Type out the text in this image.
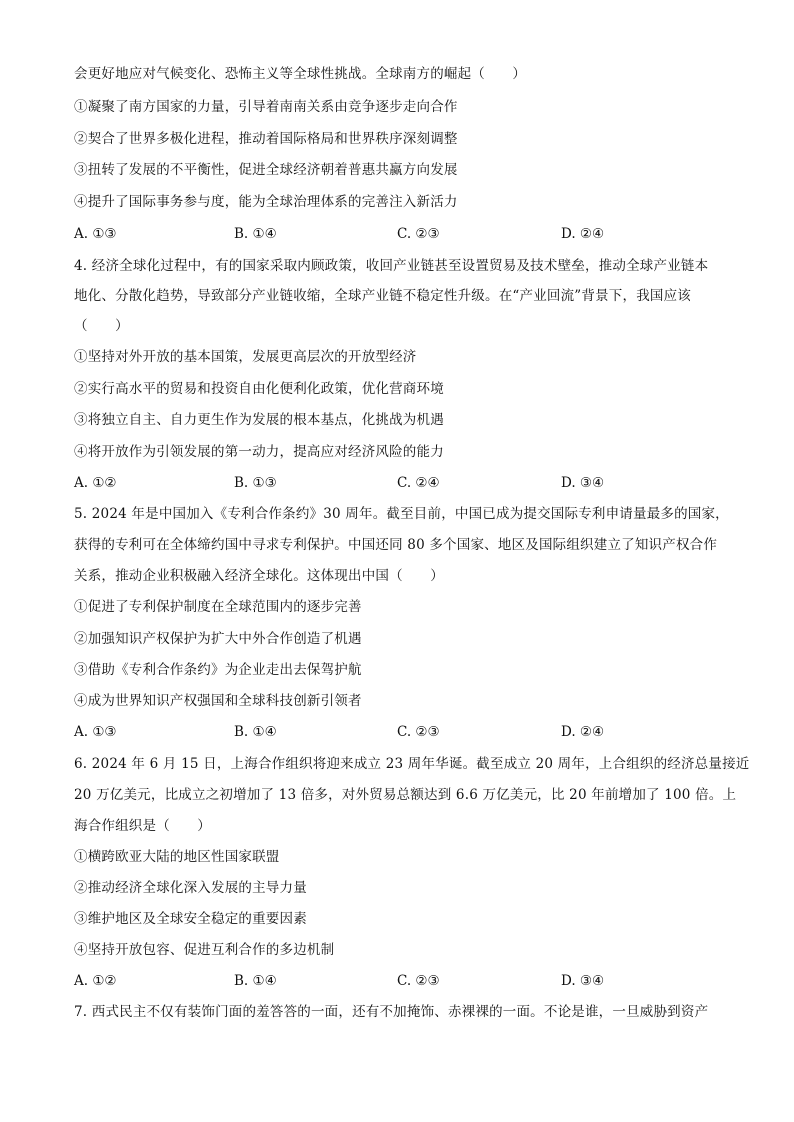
会更好地应对气候变化、恐怖主义等全球性挑战。全球南方的崛起（　　）
①凝聚了南方国家的力量，引导着南南关系由竞争逐步走向合作
②契合了世界多极化进程，推动着国际格局和世界秩序深刻调整
③扭转了发展的不平衡性，促进全球经济朝着普惠共赢方向发展
④提升了国际事务参与度，能为全球治理体系的完善注入新活力
A. ①③	B. ①④	C. ②③	D. ②④
4. 经济全球化过程中，有的国家采取内顾政策，收回产业链甚至设置贸易及技术壁垒，推动全球产业链本
地化、分散化趋势，导致部分产业链收缩，全球产业链不稳定性升级。在“产业回流”背景下，我国应该
（　　）
①坚持对外开放的基本国策，发展更高层次的开放型经济
②实行高水平的贸易和投资自由化便利化政策，优化营商环境
③将独立自主、自力更生作为发展的根本基点，化挑战为机遇
④将开放作为引领发展的第一动力，提高应对经济风险的能力
A. ①②	B. ①③	C. ②④	D. ③④
5. 2024 年是中国加入《专利合作条约》30 周年。截至目前，中国已成为提交国际专利申请量最多的国家，
获得的专利可在全体缔约国中寻求专利保护。中国还同 80 多个国家、地区及国际组织建立了知识产权合作
关系，推动企业积极融入经济全球化。这体现出中国（　　）
①促进了专利保护制度在全球范围内的逐步完善
②加强知识产权保护为扩大中外合作创造了机遇
③借助《专利合作条约》为企业走出去保驾护航
④成为世界知识产权强国和全球科技创新引领者
A. ①③	B. ①④	C. ②③	D. ②④
6. 2024 年 6 月 15 日，上海合作组织将迎来成立 23 周年华诞。截至成立 20 周年，上合组织的经济总量接近
20 万亿美元，比成立之初增加了 13 倍多，对外贸易总额达到 6.6 万亿美元，比 20 年前增加了 100 倍。上
海合作组织是（　　）
①横跨欧亚大陆的地区性国家联盟
②推动经济全球化深入发展的主导力量
③维护地区及全球安全稳定的重要因素
④坚持开放包容、促进互利合作的多边机制
A. ①②	B. ①④	C. ②③	D. ③④
7. 西式民主不仅有装饰门面的羞答答的一面，还有不加掩饰、赤裸裸的一面。不论是谁，一旦威胁到资产
